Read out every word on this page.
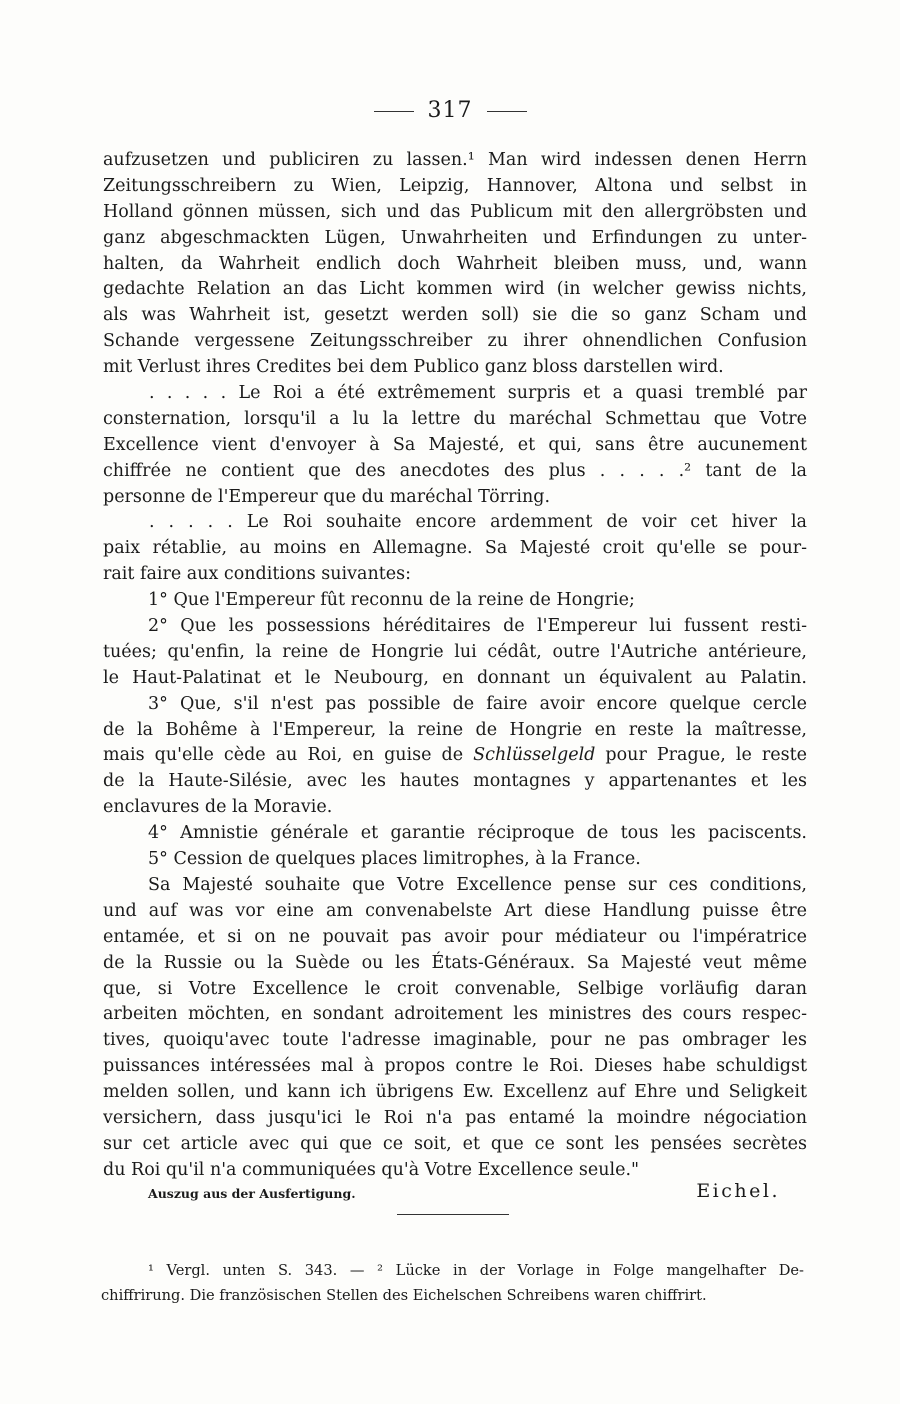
317
aufzusetzen und publiciren zu lassen.¹ Man wird indessen denen Herrn
Zeitungsschreibern zu Wien, Leipzig, Hannover, Altona und selbst in
Holland gönnen müssen, sich und das Publicum mit den allergröbsten und
ganz abgeschmackten Lügen, Unwahrheiten und Erfindungen zu unter-
halten, da Wahrheit endlich doch Wahrheit bleiben muss, und, wann
gedachte Relation an das Licht kommen wird (in welcher gewiss nichts,
als was Wahrheit ist, gesetzt werden soll) sie die so ganz Scham und
Schande vergessene Zeitungsschreiber zu ihrer ohnendlichen Confusion
mit Verlust ihres Credites bei dem Publico ganz bloss darstellen wird.
. . . . . Le Roi a été extrêmement surpris et a quasi tremblé par
consternation, lorsqu'il a lu la lettre du maréchal Schmettau que Votre
Excellence vient d'envoyer à Sa Majesté, et qui, sans être aucunement
chiffrée ne contient que des anecdotes des plus . . . . .² tant de la
personne de l'Empereur que du maréchal Törring.
. . . . . Le Roi souhaite encore ardemment de voir cet hiver la
paix rétablie, au moins en Allemagne. Sa Majesté croit qu'elle se pour-
rait faire aux conditions suivantes:
1° Que l'Empereur fût reconnu de la reine de Hongrie;
2° Que les possessions héréditaires de l'Empereur lui fussent resti-
tuées; qu'enfin, la reine de Hongrie lui cédât, outre l'Autriche antérieure,
le Haut-Palatinat et le Neubourg, en donnant un équivalent au Palatin.
3° Que, s'il n'est pas possible de faire avoir encore quelque cercle
de la Bohême à l'Empereur, la reine de Hongrie en reste la maîtresse,
mais qu'elle cède au Roi, en guise de Schlüsselgeld pour Prague, le reste
de la Haute-Silésie, avec les hautes montagnes y appartenantes et les
enclavures de la Moravie.
4° Amnistie générale et garantie réciproque de tous les paciscents.
5° Cession de quelques places limitrophes, à la France.
Sa Majesté souhaite que Votre Excellence pense sur ces conditions,
und auf was vor eine am convenabelste Art diese Handlung puisse être
entamée, et si on ne pouvait pas avoir pour médiateur ou l'impératrice
de la Russie ou la Suède ou les États-Généraux. Sa Majesté veut même
que, si Votre Excellence le croit convenable, Selbige vorläufig daran
arbeiten möchten, en sondant adroitement les ministres des cours respec-
tives, quoiqu'avec toute l'adresse imaginable, pour ne pas ombrager les
puissances intéressées mal à propos contre le Roi. Dieses habe schuldigst
melden sollen, und kann ich übrigens Ew. Excellenz auf Ehre und Seligkeit
versichern, dass jusqu'ici le Roi n'a pas entamé la moindre négociation
sur cet article avec qui que ce soit, et que ce sont les pensées secrètes
du Roi qu'il n'a communiquées qu'à Votre Excellence seule."
Auszug aus der Ausfertigung.	Eichel.
¹ Vergl. unten S. 343. — ² Lücke in der Vorlage in Folge mangelhafter De-
chiffrirung. Die französischen Stellen des Eichelschen Schreibens waren chiffrirt.
